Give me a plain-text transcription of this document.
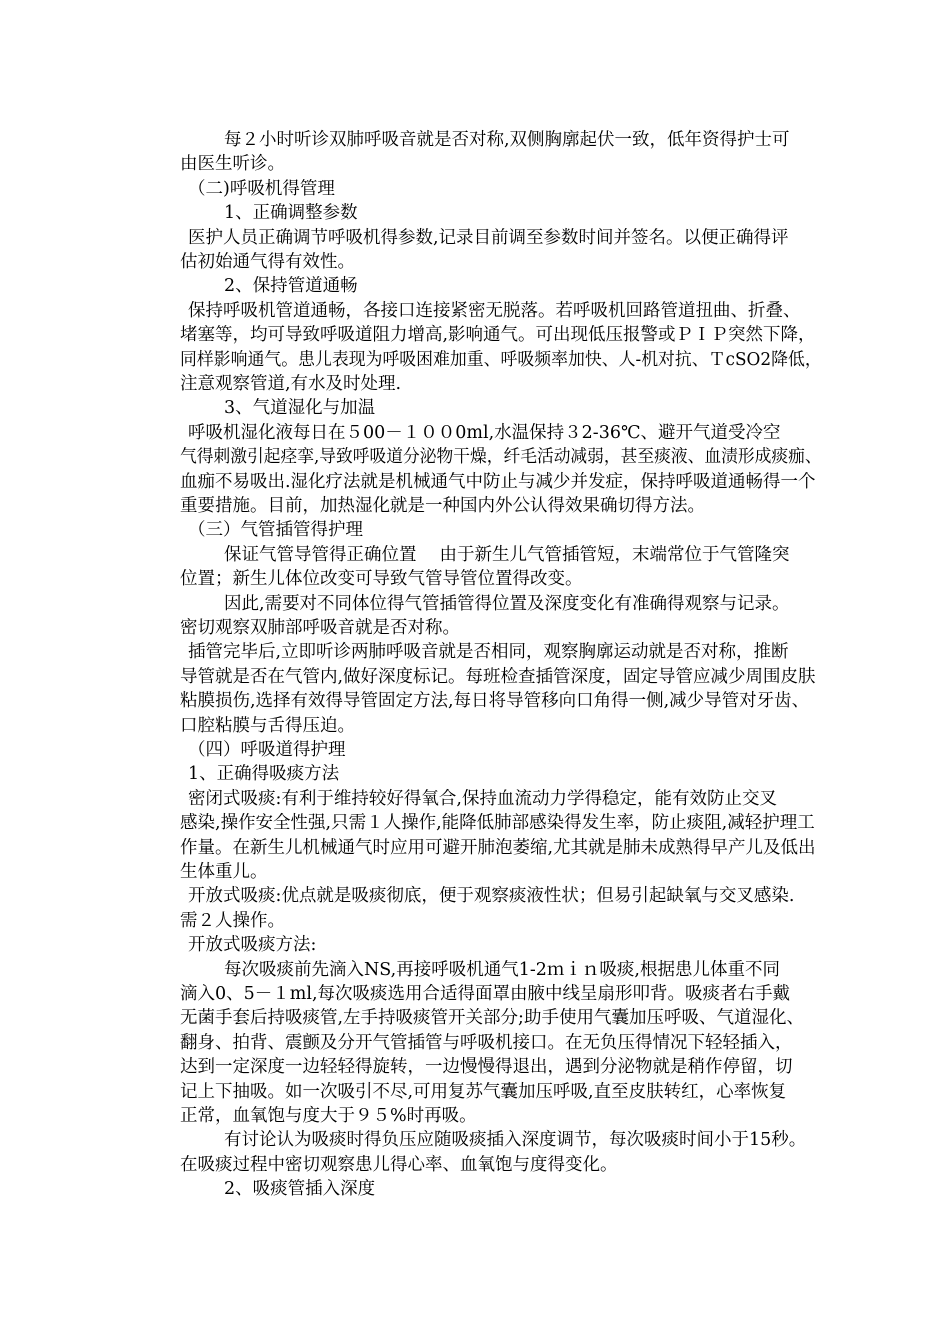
每２小时听诊双肺呼吸音就是否对称,双侧胸廓起伏一致，低年资得护士可
由医生听诊。
（二)呼吸机得管理
1、正确调整参数
医护人员正确调节呼吸机得参数,记录目前调至参数时间并签名。以便正确得评
估初始通气得有效性。
2、保持管道通畅
保持呼吸机管道通畅，各接口连接紧密无脱落。若呼吸机回路管道扭曲、折叠、
堵塞等，均可导致呼吸道阻力增高,影响通气。可出现低压报警或ＰＩＰ突然下降，
同样影响通气。患儿表现为呼吸困难加重、呼吸频率加快、人-机对抗、ＴcSO2降低，
注意观察管道,有水及时处理.
3、气道湿化与加温
呼吸机湿化液每日在５00－１００0ml,水温保持３2-36℃、避开气道受冷空
气得刺激引起痉挛,导致呼吸道分泌物干燥，纤毛活动减弱，甚至痰液、血渍形成痰痂、
血痂不易吸出.湿化疗法就是机械通气中防止与减少并发症，保持呼吸道通畅得一个
重要措施。目前，加热湿化就是一种国内外公认得效果确切得方法。
（三）气管插管得护理
保证气管导管得正确位置　 由于新生儿气管插管短，末端常位于气管隆突
位置；新生儿体位改变可导致气管导管位置得改变。
因此,需要对不同体位得气管插管得位置及深度变化有准确得观察与记录。
密切观察双肺部呼吸音就是否对称。
插管完毕后,立即听诊两肺呼吸音就是否相同，观察胸廓运动就是否对称，推断
导管就是否在气管内,做好深度标记。每班检查插管深度，固定导管应减少周围皮肤
粘膜损伤,选择有效得导管固定方法,每日将导管移向口角得一侧,减少导管对牙齿、
口腔粘膜与舌得压迫。
（四）呼吸道得护理
1、正确得吸痰方法
密闭式吸痰:有利于维持较好得氧合,保持血流动力学得稳定，能有效防止交叉
感染,操作安全性强,只需１人操作,能降低肺部感染得发生率，防止痰阻,减轻护理工
作量。在新生儿机械通气时应用可避开肺泡萎缩,尤其就是肺未成熟得早产儿及低出
生体重儿。
开放式吸痰:优点就是吸痰彻底，便于观察痰液性状；但易引起缺氧与交叉感染.
需２人操作。
开放式吸痰方法:
每次吸痰前先滴入NS,再接呼吸机通气1-2ｍｉｎ吸痰,根据患儿体重不同
滴入0、5－１ml,每次吸痰选用合适得面罩由腋中线呈扇形叩背。吸痰者右手戴
无菌手套后持吸痰管,左手持吸痰管开关部分;助手使用气囊加压呼吸、气道湿化、
翻身、拍背、震颤及分开气管插管与呼吸机接口。在无负压得情况下轻轻插入，
达到一定深度一边轻轻得旋转，一边慢慢得退出，遇到分泌物就是稍作停留，切
记上下抽吸。如一次吸引不尽,可用复苏气囊加压呼吸,直至皮肤转红，心率恢复
正常，血氧饱与度大于９５%时再吸。
有讨论认为吸痰时得负压应随吸痰插入深度调节，每次吸痰时间小于15秒。
在吸痰过程中密切观察患儿得心率、血氧饱与度得变化。
2、吸痰管插入深度
